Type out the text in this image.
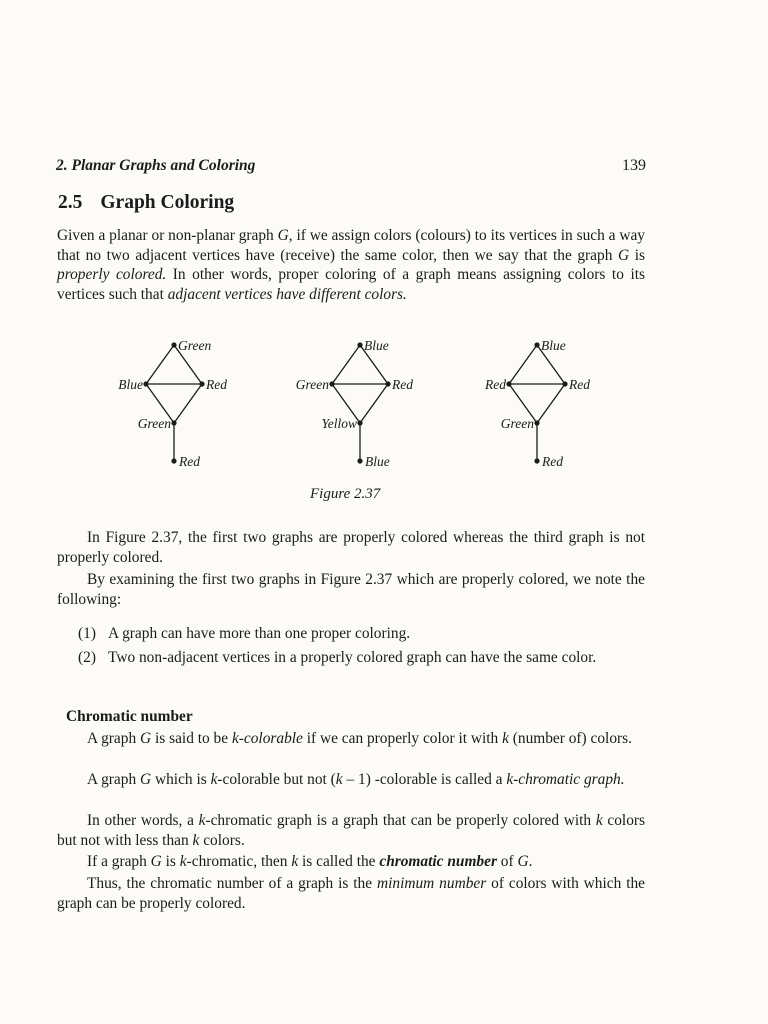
2. Planar Graphs and Coloring	139
2.5 Graph Coloring
Given a planar or non-planar graph G, if we assign colors (colours) to its vertices in such a way that no two adjacent vertices have (receive) the same color, then we say that the graph G is properly colored. In other words, proper coloring of a graph means assigning colors to its vertices such that adjacent vertices have different colors.
Green
Blue	Red
Green
Red
Blue
Green	Red
Yellow
Blue
Blue
Red	Red
Green
Red
Figure 2.37
In Figure 2.37, the first two graphs are properly colored whereas the third graph is not properly colored.
By examining the first two graphs in Figure 2.37 which are properly colored, we note the following:
(1) A graph can have more than one proper coloring.
(2) Two non-adjacent vertices in a properly colored graph can have the same color.
Chromatic number
A graph G is said to be k-colorable if we can properly color it with k (number of) colors.
A graph G which is k-colorable but not (k – 1) -colorable is called a k-chromatic graph.
In other words, a k-chromatic graph is a graph that can be properly colored with k colors but not with less than k colors.
If a graph G is k-chromatic, then k is called the chromatic number of G.
Thus, the chromatic number of a graph is the minimum number of colors with which the graph can be properly colored.
